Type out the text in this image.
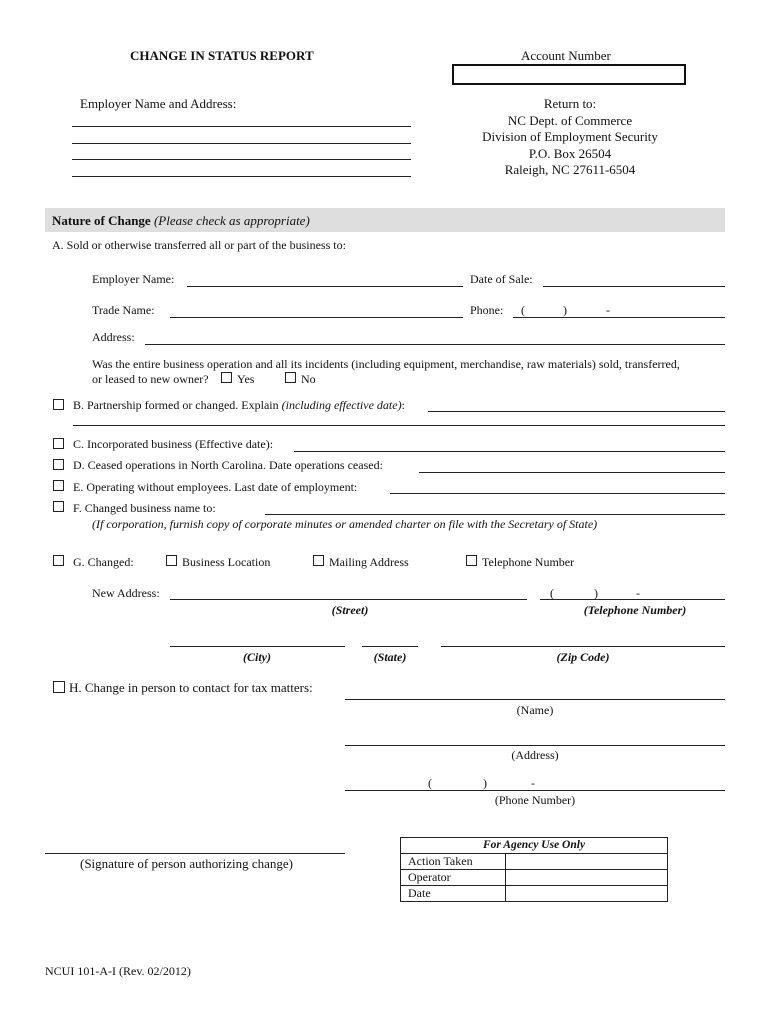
CHANGE IN STATUS REPORT	Account Number
Employer Name and Address:	Return to:
NC Dept. of Commerce
Division of Employment Security
P.O. Box 26504
Raleigh, NC 27611-6504
Nature of Change (Please check as appropriate)
A. Sold or otherwise transferred all or part of the business to:
Employer Name:	Date of Sale:
Trade Name:	Phone: (	)	-
Address:
Was the entire business operation and all its incidents (including equipment, merchandise, raw materials) sold, transferred,
or leased to new owner? Yes	No
B. Partnership formed or changed. Explain (including effective date):
C. Incorporated business (Effective date):
D. Ceased operations in North Carolina. Date operations ceased:
E. Operating without employees. Last date of employment:
F. Changed business name to:
(If corporation, furnish copy of corporate minutes or amended charter on file with the Secretary of State)
G. Changed:	Business Location	Mailing Address	Telephone Number
New Address:	(	)	-
(Street)	(Telephone Number)
(City)	(State)	(Zip Code)
H. Change in person to contact for tax matters:
(Name)
(Address)
(	)	-
(Phone Number)
(Signature of person authorizing change)
For Agency Use Only
Action Taken
Operator
Date
NCUI 101-A-I (Rev. 02/2012)
